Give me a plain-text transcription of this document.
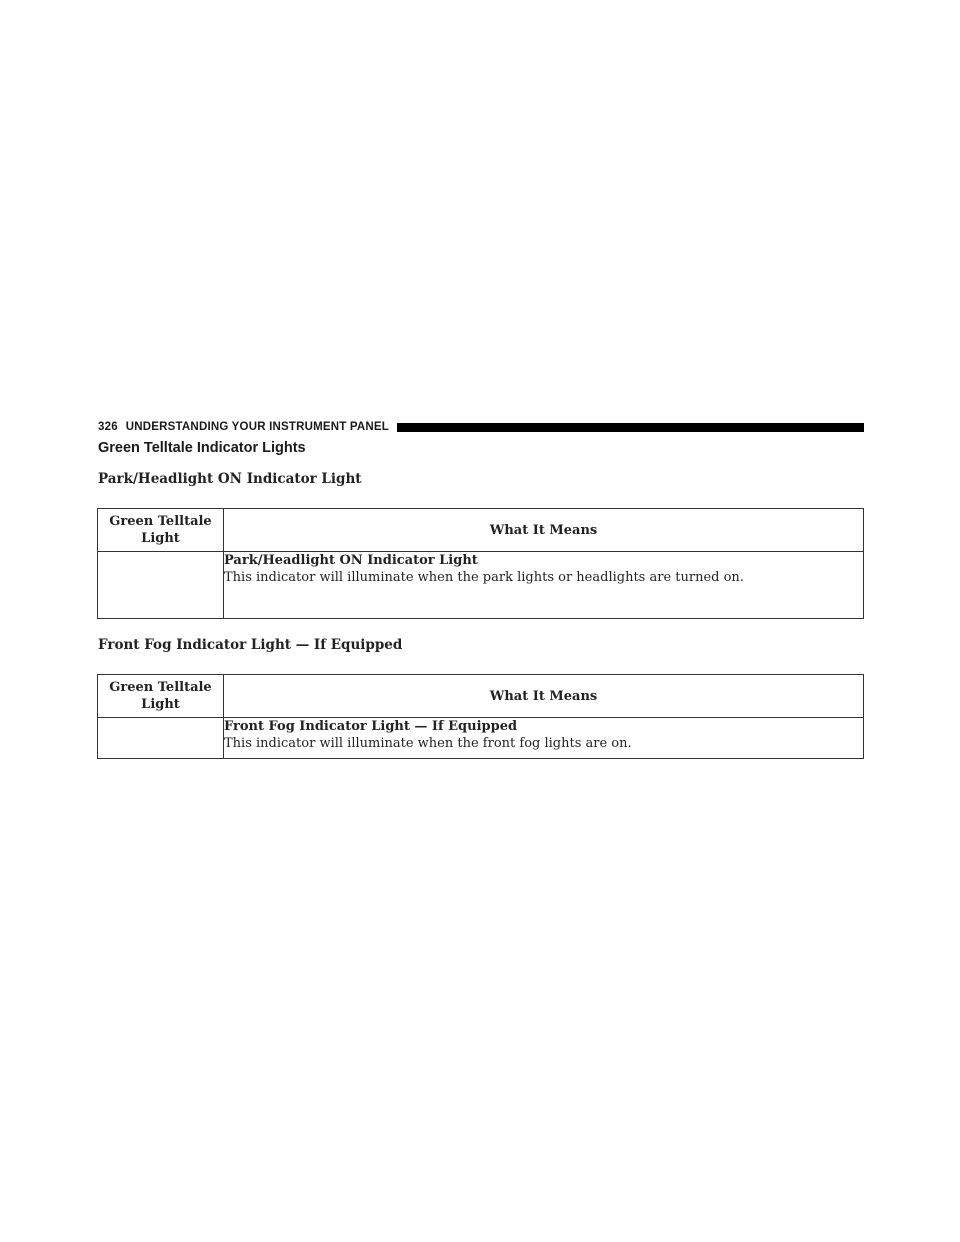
326 UNDERSTANDING YOUR INSTRUMENT PANEL
Green Telltale Indicator Lights
Park/Headlight ON Indicator Light
Green Telltale Light	What It Means

	Park/Headlight ON Indicator Light
This indicator will illuminate when the park lights or headlights are turned on.
Front Fog Indicator Light — If Equipped
Green Telltale Light	What It Means

	Front Fog Indicator Light — If Equipped
This indicator will illuminate when the front fog lights are on.
